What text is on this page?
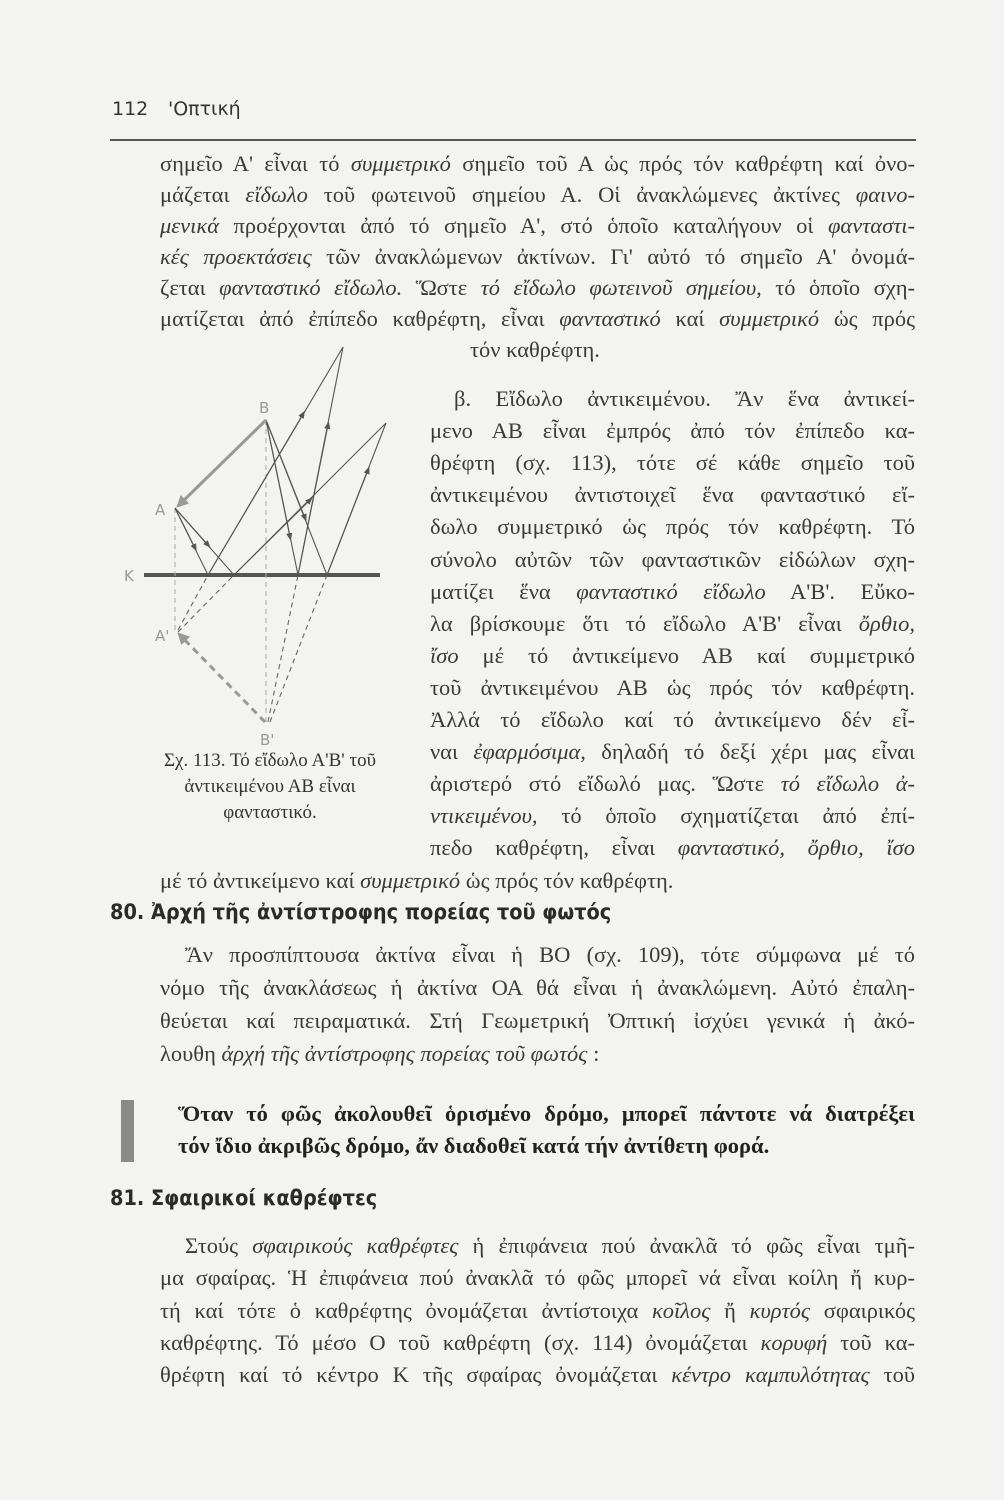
112 'Οπτική
σημεῖο Α' εἶναι τό συμμετρικό σημεῖο τοῦ Α ὡς πρός τόν καθρέφτη καί ὀνο-
μάζεται εἴδωλο τοῦ φωτεινοῦ σημείου Α. Οἱ ἀνακλώμενες ἀκτίνες φαινο-
μενικά προέρχονται ἀπό τό σημεῖο Α', στό ὁποῖο καταλήγουν οἱ φανταστι-
κές προεκτάσεις τῶν ἀνακλώμενων ἀκτίνων. Γι' αὐτό τό σημεῖο Α' ὀνομά-
ζεται φανταστικό εἴδωλο. Ὥστε τό εἴδωλο φωτεινοῦ σημείου, τό ὁποῖο σχη-
ματίζεται ἀπό ἐπίπεδο καθρέφτη, εἶναι φανταστικό καί συμμετρικό ὡς πρός
τόν καθρέφτη.
β. Εἴδωλο ἀντικειμένου. Ἄν ἕνα ἀντικεί-
μενο ΑΒ εἶναι ἐμπρός ἀπό τόν ἐπίπεδο κα-
θρέφτη (σχ. 113), τότε σέ κάθε σημεῖο τοῦ
ἀντικειμένου ἀντιστοιχεῖ ἕνα φανταστικό εἴ-
δωλο συμμετρικό ὡς πρός τόν καθρέφτη. Τό
σύνολο αὐτῶν τῶν φανταστικῶν εἰδώλων σχη-
ματίζει ἕνα φανταστικό εἴδωλο Α'Β'. Εὔκο-
λα βρίσκουμε ὅτι τό εἴδωλο Α'Β' εἶναι ὄρθιο,
ἴσο μέ τό ἀντικείμενο ΑΒ καί συμμετρικό
τοῦ ἀντικειμένου ΑΒ ὡς πρός τόν καθρέφτη.
Ἀλλά τό εἴδωλο καί τό ἀντικείμενο δέν εἶ-
ναι ἐφαρμόσιμα, δηλαδή τό δεξί χέρι μας εἶναι
ἀριστερό στό εἴδωλό μας. Ὥστε τό εἴδωλο ἀ-
ντικειμένου, τό ὁποῖο σχηματίζεται ἀπό ἐπί-
πεδο καθρέφτη, εἶναι φανταστικό, ὄρθιο, ἴσο
μέ τό ἀντικείμενο καί συμμετρικό ὡς πρός τόν καθρέφτη.
Ἄν προσπίπτουσα ἀκτίνα εἶναι ἡ ΒΟ (σχ. 109), τότε σύμφωνα μέ τό
νόμο τῆς ἀνακλάσεως ἡ ἀκτίνα ΟΑ θά εἶναι ἡ ἀνακλώμενη. Αὐτό ἐπαλη-
θεύεται καί πειραματικά. Στή Γεωμετρική Ὀπτική ἰσχύει γενικά ἡ ἀκό-
λουθη ἀρχή τῆς ἀντίστροφης πορείας τοῦ φωτός :
Ὅταν τό φῶς ἀκολουθεῖ ὁρισμένο δρόμο, μπορεῖ πάντοτε νά διατρέξει
τόν ἴδιο ἀκριβῶς δρόμο, ἄν διαδοθεῖ κατά τήν ἀντίθετη φορά.
Στούς σφαιρικούς καθρέφτες ἡ ἐπιφάνεια πού ἀνακλᾶ τό φῶς εἶναι τμῆ-
μα σφαίρας. Ἡ ἐπιφάνεια πού ἀνακλᾶ τό φῶς μπορεῖ νά εἶναι κοίλη ἤ κυρ-
τή καί τότε ὁ καθρέφτης ὀνομάζεται ἀντίστοιχα κοῖλος ἤ κυρτός σφαιρικός
καθρέφτης. Τό μέσο Ο τοῦ καθρέφτη (σχ. 114) ὀνομάζεται κορυφή τοῦ κα-
θρέφτη καί τό κέντρο Κ τῆς σφαίρας ὀνομάζεται κέντρο καμπυλότητας τοῦ
80. Ἀρχή τῆς ἀντίστροφης πορείας τοῦ φωτός
81. Σφαιρικοί καθρέφτες
B
A
K
A'
B'
Σχ. 113. Τό εἴδωλο Α'Β' τοῦ
ἀντικειμένου ΑΒ εἶναι
φανταστικό.
